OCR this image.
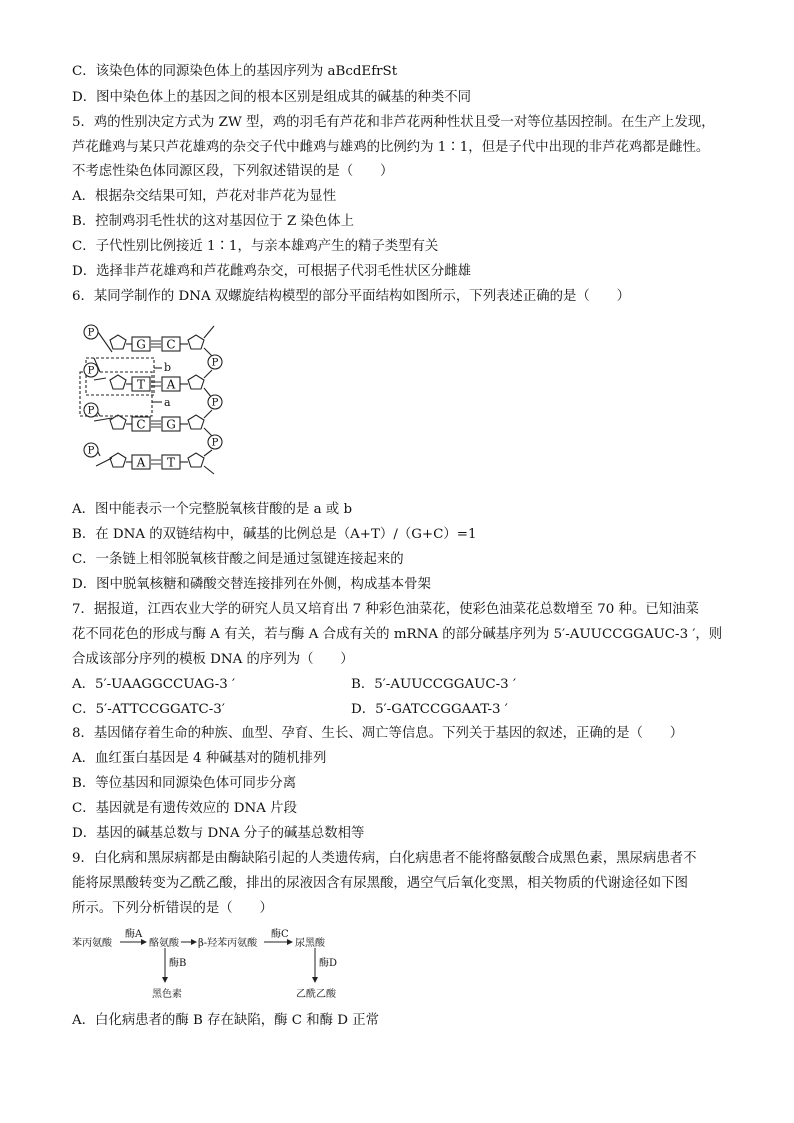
C．该染色体的同源染色体上的基因序列为 aBcdEfrSt
D．图中染色体上的基因之间的根本区别是组成其的碱基的种类不同
5．鸡的性别决定方式为 ZW 型，鸡的羽毛有芦花和非芦花两种性状且受一对等位基因控制。在生产上发现，
芦花雌鸡与某只芦花雄鸡的杂交子代中雌鸡与雄鸡的比例约为 1∶1，但是子代中出现的非芦花鸡都是雌性。
不考虑性染色体同源区段，下列叙述错误的是（　　）
A．根据杂交结果可知，芦花对非芦花为显性
B．控制鸡羽毛性状的这对基因位于 Z 染色体上
C．子代性别比例接近 1∶1，与亲本雄鸡产生的精子类型有关
D．选择非芦花雄鸡和芦花雌鸡杂交，可根据子代羽毛性状区分雌雄
6．某同学制作的 DNA 双螺旋结构模型的部分平面结构如图所示，下列表述正确的是（　　）
P
P
P
P
P
P
P
G
T
C
A
C
A
G
T
b
a
A．图中能表示一个完整脱氧核苷酸的是 a 或 b
B．在 DNA 的双链结构中，碱基的比例总是（A+T）/（G+C）=1
C．一条链上相邻脱氧核苷酸之间是通过氢键连接起来的
D．图中脱氧核糖和磷酸交替连接排列在外侧，构成基本骨架
7．据报道，江西农业大学的研究人员又培育出 7 种彩色油菜花，使彩色油菜花总数增至 70 种。已知油菜
花不同花色的形成与酶 A 有关，若与酶 A 合成有关的 mRNA 的部分碱基序列为 5′-AUUCCGGAUC-3 ′，则
合成该部分序列的模板 DNA 的序列为（　　）
A．5′-UAAGGCCUAG-3 ′	B．5′-AUUCCGGAUC-3 ′
C．5′-ATTCCGGATC-3′	D．5′-GATCCGGAAT-3 ′
8．基因储存着生命的种族、血型、孕育、生长、凋亡等信息。下列关于基因的叙述，正确的是（　　）
A．血红蛋白基因是 4 种碱基对的随机排列
B．等位基因和同源染色体可同步分离
C．基因就是有遗传效应的 DNA 片段
D．基因的碱基总数与 DNA 分子的碱基总数相等
9．白化病和黑尿病都是由酶缺陷引起的人类遗传病，白化病患者不能将酪氨酸合成黑色素，黑尿病患者不
能将尿黑酸转变为乙酰乙酸，排出的尿液因含有尿黑酸，遇空气后氧化变黑，相关物质的代谢途径如下图
所示。下列分析错误的是（　　）
苯丙氨酸
酶A
酪氨酸 β-羟苯丙氨酸
酶C
尿黑酸
酶B	酶D
黑色素	乙酰乙酸
A．白化病患者的酶 B 存在缺陷，酶 C 和酶 D 正常
